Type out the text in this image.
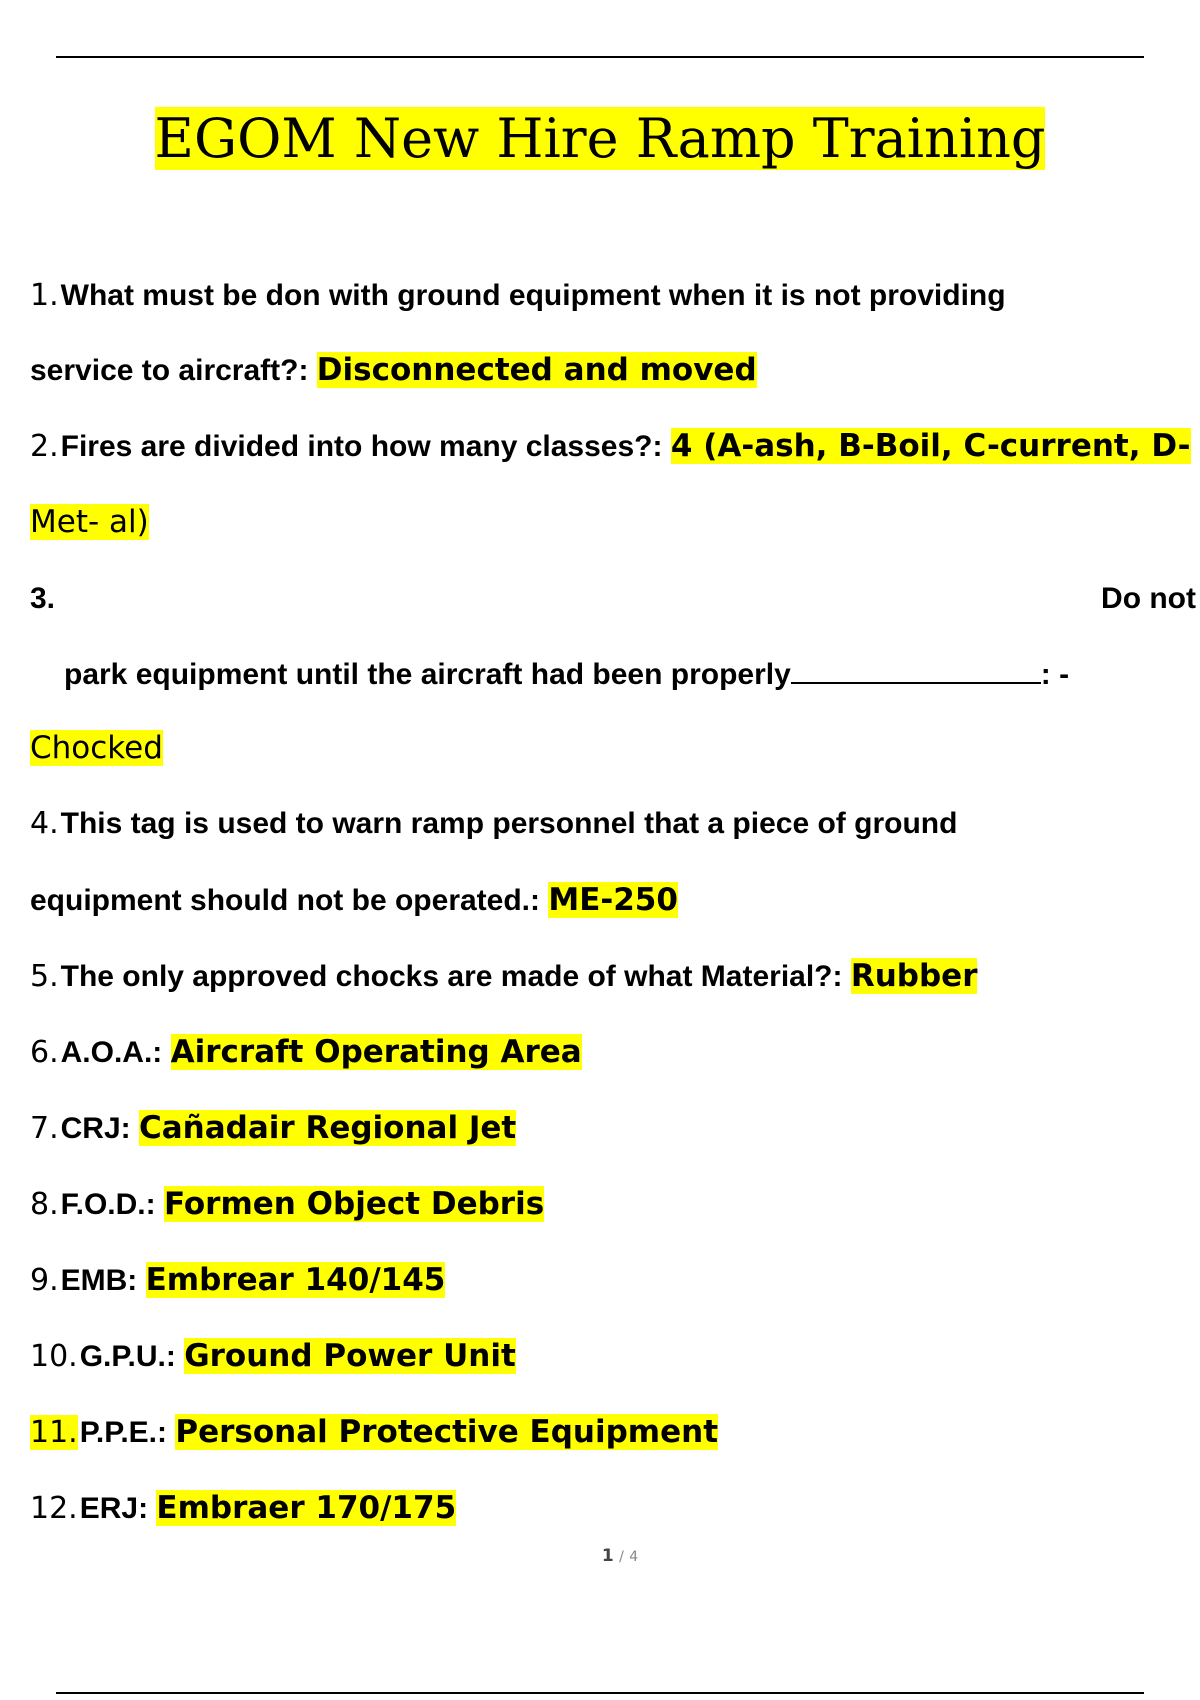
EGOM New Hire Ramp Training
1.What must be don with ground equipment when it is not providing
service to aircraft?: Disconnected and moved
2.Fires are divided into how many classes?: 4 (A-ash, B-Boil, C-current, D-
Met- al)
3.	Do not
park equipment until the aircraft had been properly	: -
Chocked
4.This tag is used to warn ramp personnel that a piece of ground
equipment should not be operated.: ME-250
5.The only approved chocks are made of what Material?: Rubber
6.A.O.A.: Aircraft Operating Area
7.CRJ: Cañadair Regional Jet
8.F.O.D.: Formen Object Debris
9.EMB: Embrear 140/145
10.G.P.U.: Ground Power Unit
11.P.P.E.: Personal Protective Equipment
12.ERJ: Embraer 170/175
1 / 4
